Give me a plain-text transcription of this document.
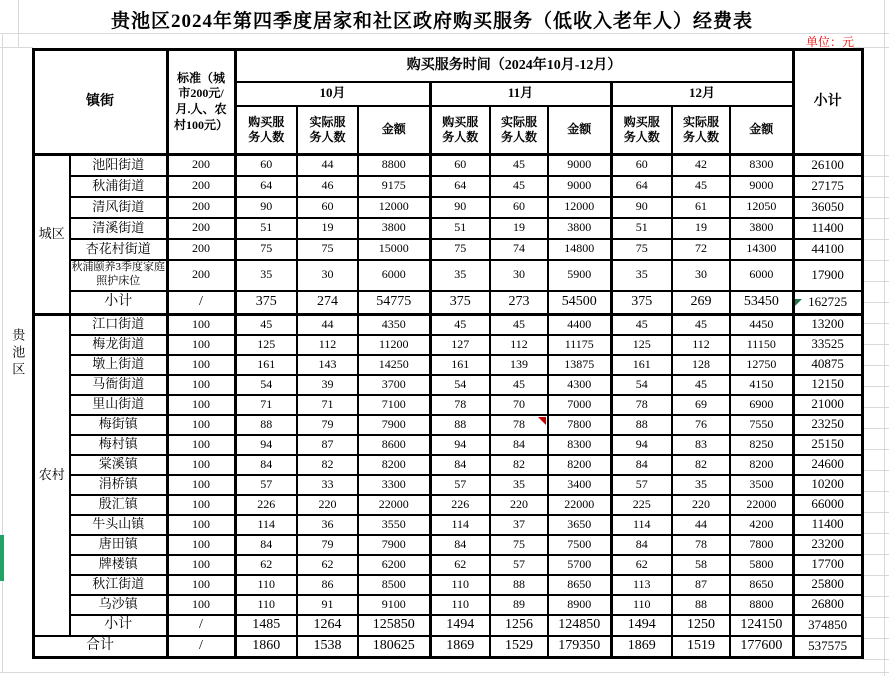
贵池区2024年第四季度居家和社区政府购买服务（低收入老年人）经费表
单位：元
贵池区	镇街		标准（城市200元/月.人、农村100元）	购买服务时间（2024年10月-12月）									小计
				10月			11月			12月			

				购买服务人数	实际服务人数	金额	购买服务人数	实际服务人数	金额	购买服务人数	实际服务人数	金额	
	城区	池阳街道	200	60	44	8800	60	45	9000	60	42	8300	26100
		秋浦街道	200	64	46	9175	64	45	9000	64	45	9000	27175
		清风街道	200	90	60	12000	90	60	12000	90	61	12050	36050
		清溪街道	200	51	19	3800	51	19	3800	51	19	3800	11400
		杏花村街道	200	75	75	15000	75	74	14800	75	72	14300	44100
		秋浦颐养3季度家庭照护床位	200	35	30	6000	35	30	5900	35	30	6000	17900
		小计	/	375	274	54775	375	273	54500	375	269	53450	162725
	农村	江口街道	100	45	44	4350	45	45	4400	45	45	4450	13200
		梅龙街道	100	125	112	11200	127	112	11175	125	112	11150	33525
		墩上街道	100	161	143	14250	161	139	13875	161	128	12750	40875
		马衙街道	100	54	39	3700	54	45	4300	54	45	4150	12150
		里山街道	100	71	71	7100	78	70	7000	78	69	6900	21000
		梅街镇	100	88	79	7900	88	78	7800	88	76	7550	23250
		梅村镇	100	94	87	8600	94	84	8300	94	83	8250	25150
		棠溪镇	100	84	82	8200	84	82	8200	84	82	8200	24600
		涓桥镇	100	57	33	3300	57	35	3400	57	35	3500	10200
		殷汇镇	100	226	220	22000	226	220	22000	225	220	22000	66000
		牛头山镇	100	114	36	3550	114	37	3650	114	44	4200	11400
		唐田镇	100	84	79	7900	84	75	7500	84	78	7800	23200
		牌楼镇	100	62	62	6200	62	57	5700	62	58	5800	17700
		秋江街道	100	110	86	8500	110	88	8650	113	87	8650	25800
		乌沙镇	100	110	91	9100	110	89	8900	110	88	8800	26800
		小计	/	1485	1264	125850	1494	1256	124850	1494	1250	124150	374850
	合计		/	1860	1538	180625	1869	1529	179350	1869	1519	177600	537575
